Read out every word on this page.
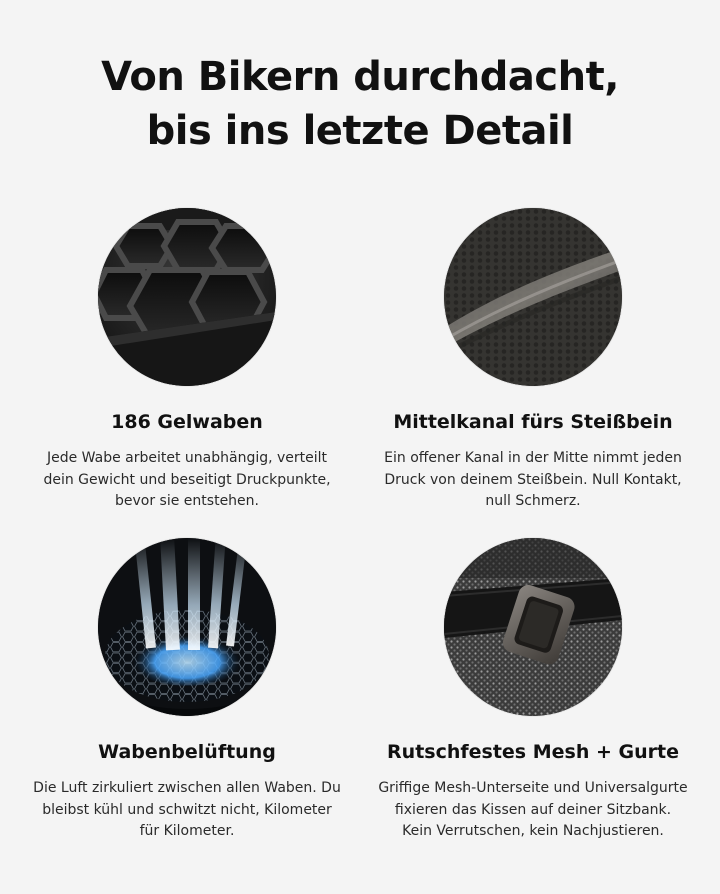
Von Bikern durchdacht,
bis ins letzte Detail
186 Gelwaben
Jede Wabe arbeitet unabhängig, verteilt dein Gewicht und beseitigt Druckpunkte, bevor sie entstehen.
Mittelkanal fürs Steißbein
Ein offener Kanal in der Mitte nimmt jeden Druck von deinem Steißbein. Null Kontakt, null Schmerz.
Wabenbelüftung
Die Luft zirkuliert zwischen allen Waben. Du bleibst kühl und schwitzt nicht, Kilometer für Kilometer.
Rutschfestes Mesh + Gurte
Griffige Mesh-Unterseite und Universalgurte fixieren das Kissen auf deiner Sitzbank. Kein Verrutschen, kein Nachjustieren.
